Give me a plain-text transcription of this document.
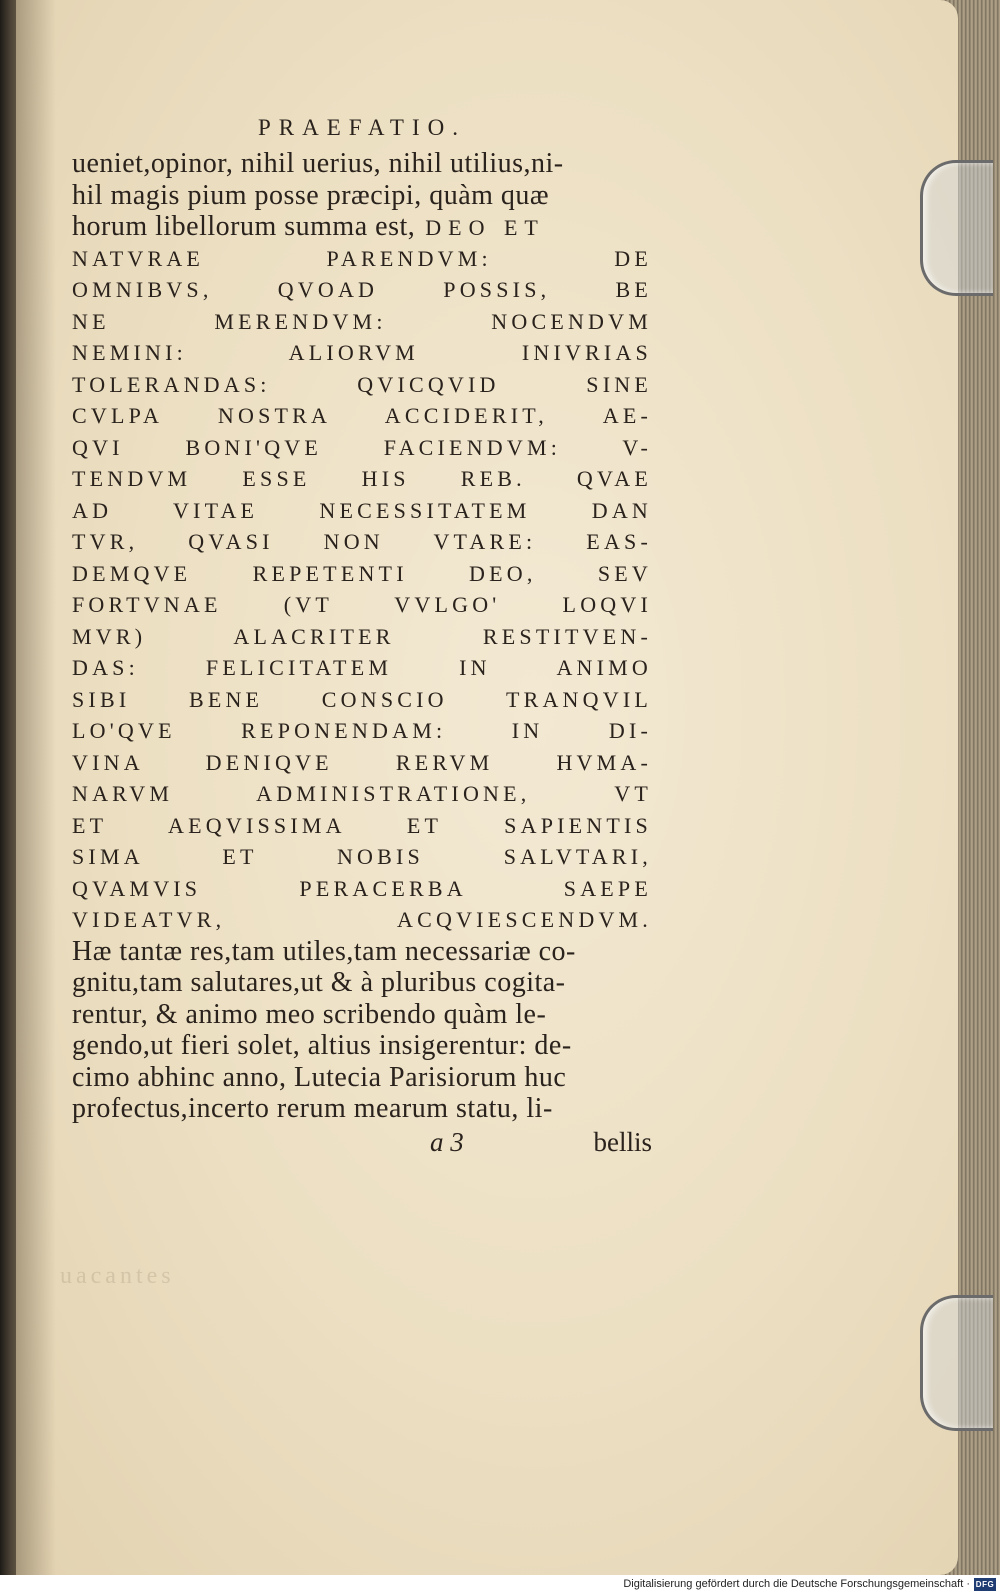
uacantes
PRAEFATIO.
ueniet,opinor, nihil uerius, nihil utilius,ni-
hil magis pium posse præcipi, quàm quæ
horum libellorum summa est, DEO ET
NATVRAE PARENDVM: DE
OMNIBVS, QVOAD POSSIS, BE
NE MERENDVM: NOCENDVM
NEMINI: ALIORVM INIVRIAS
TOLERANDAS: QVICQVID SINE
CVLPA NOSTRA ACCIDERIT, AE-
QVI BONI'QVE FACIENDVM: V-
TENDVM ESSE HIS REB. QVAE
AD VITAE NECESSITATEM DAN
TVR, QVASI NON VTARE: EAS-
DEMQVE REPETENTI DEO, SEV
FORTVNAE (VT VVLGO' LOQVI
MVR) ALACRITER RESTITVEN-
DAS: FELICITATEM IN ANIMO
SIBI BENE CONSCIO TRANQVIL
LO'QVE REPONENDAM: IN DI-
VINA DENIQVE RERVM HVMA-
NARVM ADMINISTRATIONE, VT
ET AEQVISSIMA ET SAPIENTIS
SIMA ET NOBIS SALVTARI,
QVAMVIS PERACERBA SAEPE
VIDEATVR, ACQVIESCENDVM.
Hæ tantæ res,tam utiles,tam necessariæ co-
gnitu,tam salutares,ut & à pluribus cogita-
rentur, & animo meo scribendo quàm le-
gendo,ut fieri solet, altius insigerentur: de-
cimo abhinc anno, Lutecia Parisiorum huc
profectus,incerto rerum mearum statu, li-
a 3	bellis
Digitalisierung gefördert durch die Deutsche Forschungsgemeinschaft · DFG
